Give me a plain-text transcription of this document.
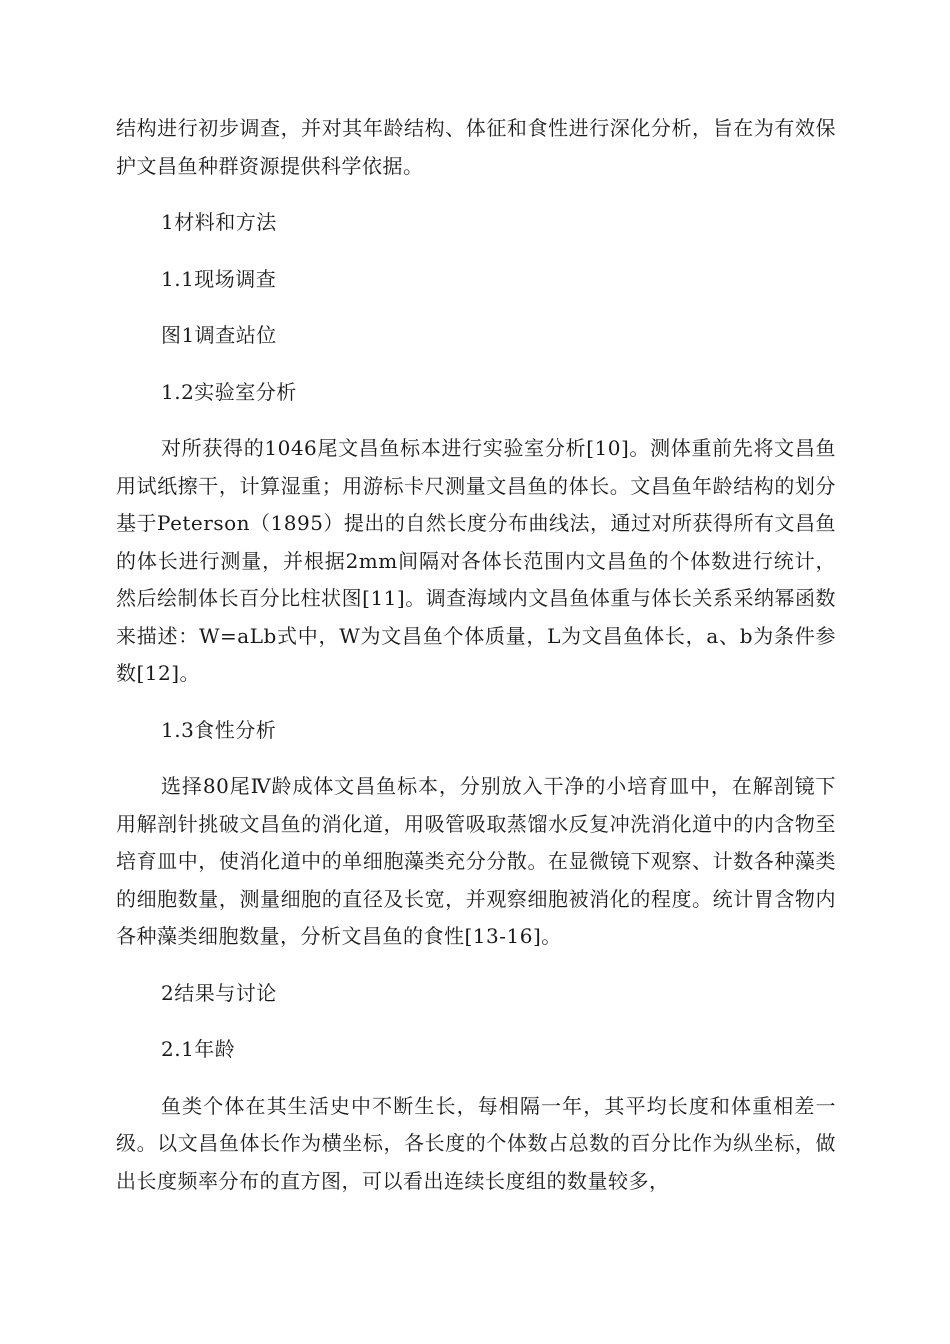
结构进行初步调查，并对其年龄结构、体征和食性进行深化分析，旨在为有效保护文昌鱼种群资源提供科学依据。

1材料和方法

1.1现场调查

图1调查站位

1.2实验室分析

对所获得的1046尾文昌鱼标本进行实验室分析[10]。测体重前先将文昌鱼用试纸擦干，计算湿重；用游标卡尺测量文昌鱼的体长。文昌鱼年龄结构的划分基于Peterson（1895）提出的自然长度分布曲线法，通过对所获得所有文昌鱼的体长进行测量，并根据2mm间隔对各体长范围内文昌鱼的个体数进行统计，然后绘制体长百分比柱状图[11]。调查海域内文昌鱼体重与体长关系采纳幂函数来描述：W=aLb式中，W为文昌鱼个体质量，L为文昌鱼体长，a、b为条件参数[12]。

1.3食性分析

选择80尾Ⅳ龄成体文昌鱼标本，分别放入干净的小培育皿中，在解剖镜下用解剖针挑破文昌鱼的消化道，用吸管吸取蒸馏水反复冲洗消化道中的内含物至培育皿中，使消化道中的单细胞藻类充分分散。在显微镜下观察、计数各种藻类的细胞数量，测量细胞的直径及长宽，并观察细胞被消化的程度。统计胃含物内各种藻类细胞数量，分析文昌鱼的食性[13-16]。

2结果与讨论

2.1年龄

鱼类个体在其生活史中不断生长，每相隔一年，其平均长度和体重相差一级。以文昌鱼体长作为横坐标，各长度的个体数占总数的百分比作为纵坐标，做出长度频率分布的直方图，可以看出连续长度组的数量较多，
